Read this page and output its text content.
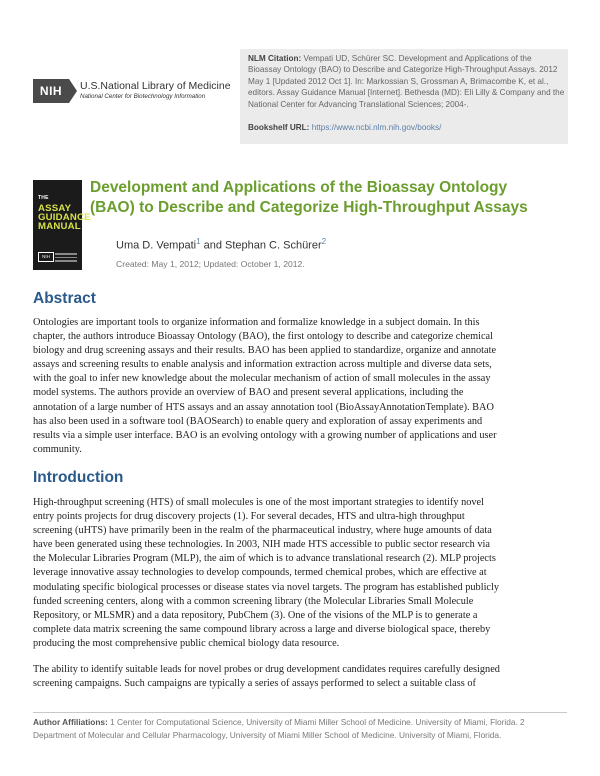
NIH	U.S.National Library of Medicine
National Center for Biotechnology Information
NLM Citation: Vempati UD, Schürer SC. Development and Applications of the Bioassay Ontology (BAO) to Describe and Categorize High-Throughput Assays. 2012 May 1 [Updated 2012 Oct 1]. In: Markossian S, Grossman A, Brimacombe K, et al., editors. Assay Guidance Manual [Internet]. Bethesda (MD): Eli Lilly & Company and the National Center for Advancing Translational Sciences; 2004-.
Bookshelf URL: https://www.ncbi.nlm.nih.gov/books/
THE
ASSAY
GUIDANCE
MANUAL
NIH
Development and Applications of the Bioassay Ontology (BAO) to Describe and Categorize High-Throughput Assays
Uma D. Vempati$^1$ and Stephan C. Schürer$^2$
Created: May 1, 2012; Updated: October 1, 2012.
Abstract
Ontologies are important tools to organize information and formalize knowledge in a subject domain. In this
chapter, the authors introduce Bioassay Ontology (BAO), the first ontology to describe and categorize chemical
biology and drug screening assays and their results. BAO has been applied to standardize, organize and annotate
assays and screening results to enable analysis and information extraction across multiple and diverse data sets,
with the goal to infer new knowledge about the molecular mechanism of action of small molecules in the assay
model systems. The authors provide an overview of BAO and present several applications, including the
annotation of a large number of HTS assays and an assay annotation tool (BioAssayAnnotationTemplate). BAO
has also been used in a software tool (BAOSearch) to enable query and exploration of assay experiments and
results via a simple user interface. BAO is an evolving ontology with a growing number of applications and user
community.
Introduction
High-throughput screening (HTS) of small molecules is one of the most important strategies to identify novel
entry points projects for drug discovery projects (1). For several decades, HTS and ultra-high throughput
screening (uHTS) have primarily been in the realm of the pharmaceutical industry, where huge amounts of data
have been generated using these technologies. In 2003, NIH made HTS accessible to public sector research via
the Molecular Libraries Program (MLP), the aim of which is to advance translational research (2). MLP projects
leverage innovative assay technologies to develop compounds, termed chemical probes, which are effective at
modulating specific biological processes or disease states via novel targets. The program has established publicly
funded screening centers, along with a common screening library (the Molecular Libraries Small Molecule
Repository, or MLSMR) and a data repository, PubChem (3). One of the visions of the MLP is to generate a
complete data matrix screening the same compound library across a large and diverse biological space, thereby
producing the most comprehensive public chemical biology data resource.
The ability to identify suitable leads for novel probes or drug development candidates requires carefully designed
screening campaigns. Such campaigns are typically a series of assays performed to select a suitable class of
Author Affiliations: 1 Center for Computational Science, University of Miami Miller School of Medicine. University of Miami, Florida. 2 Department of Molecular and Cellular Pharmacology, University of Miami Miller School of Medicine. University of Miami, Florida.
